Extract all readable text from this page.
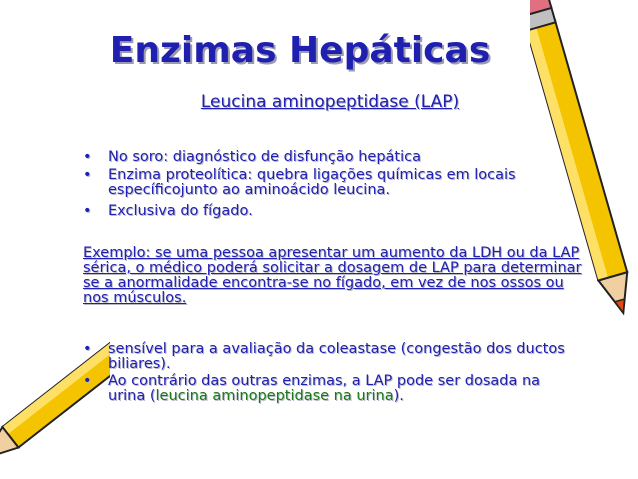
Enzimas Hepáticas
Leucina aminopeptidase (LAP)
•	No soro: diagnóstico de disfunção hepática
•	Enzima proteolítica: quebra ligações químicas em locais específicojunto ao aminoácido leucina.
•	Exclusiva do fígado.
Exemplo: se uma pessoa apresentar um aumento da LDH ou da LAP sérica, o médico poderá solicitar a dosagem de LAP para determinar se a anormalidade encontra-se no fígado, em vez de nos ossos ou nos músculos.
•	sensível para a avaliação da coleastase (congestão dos ductos biliares).
•	Ao contrário das outras enzimas, a LAP pode ser dosada na urina (leucina aminopeptidase na urina).
